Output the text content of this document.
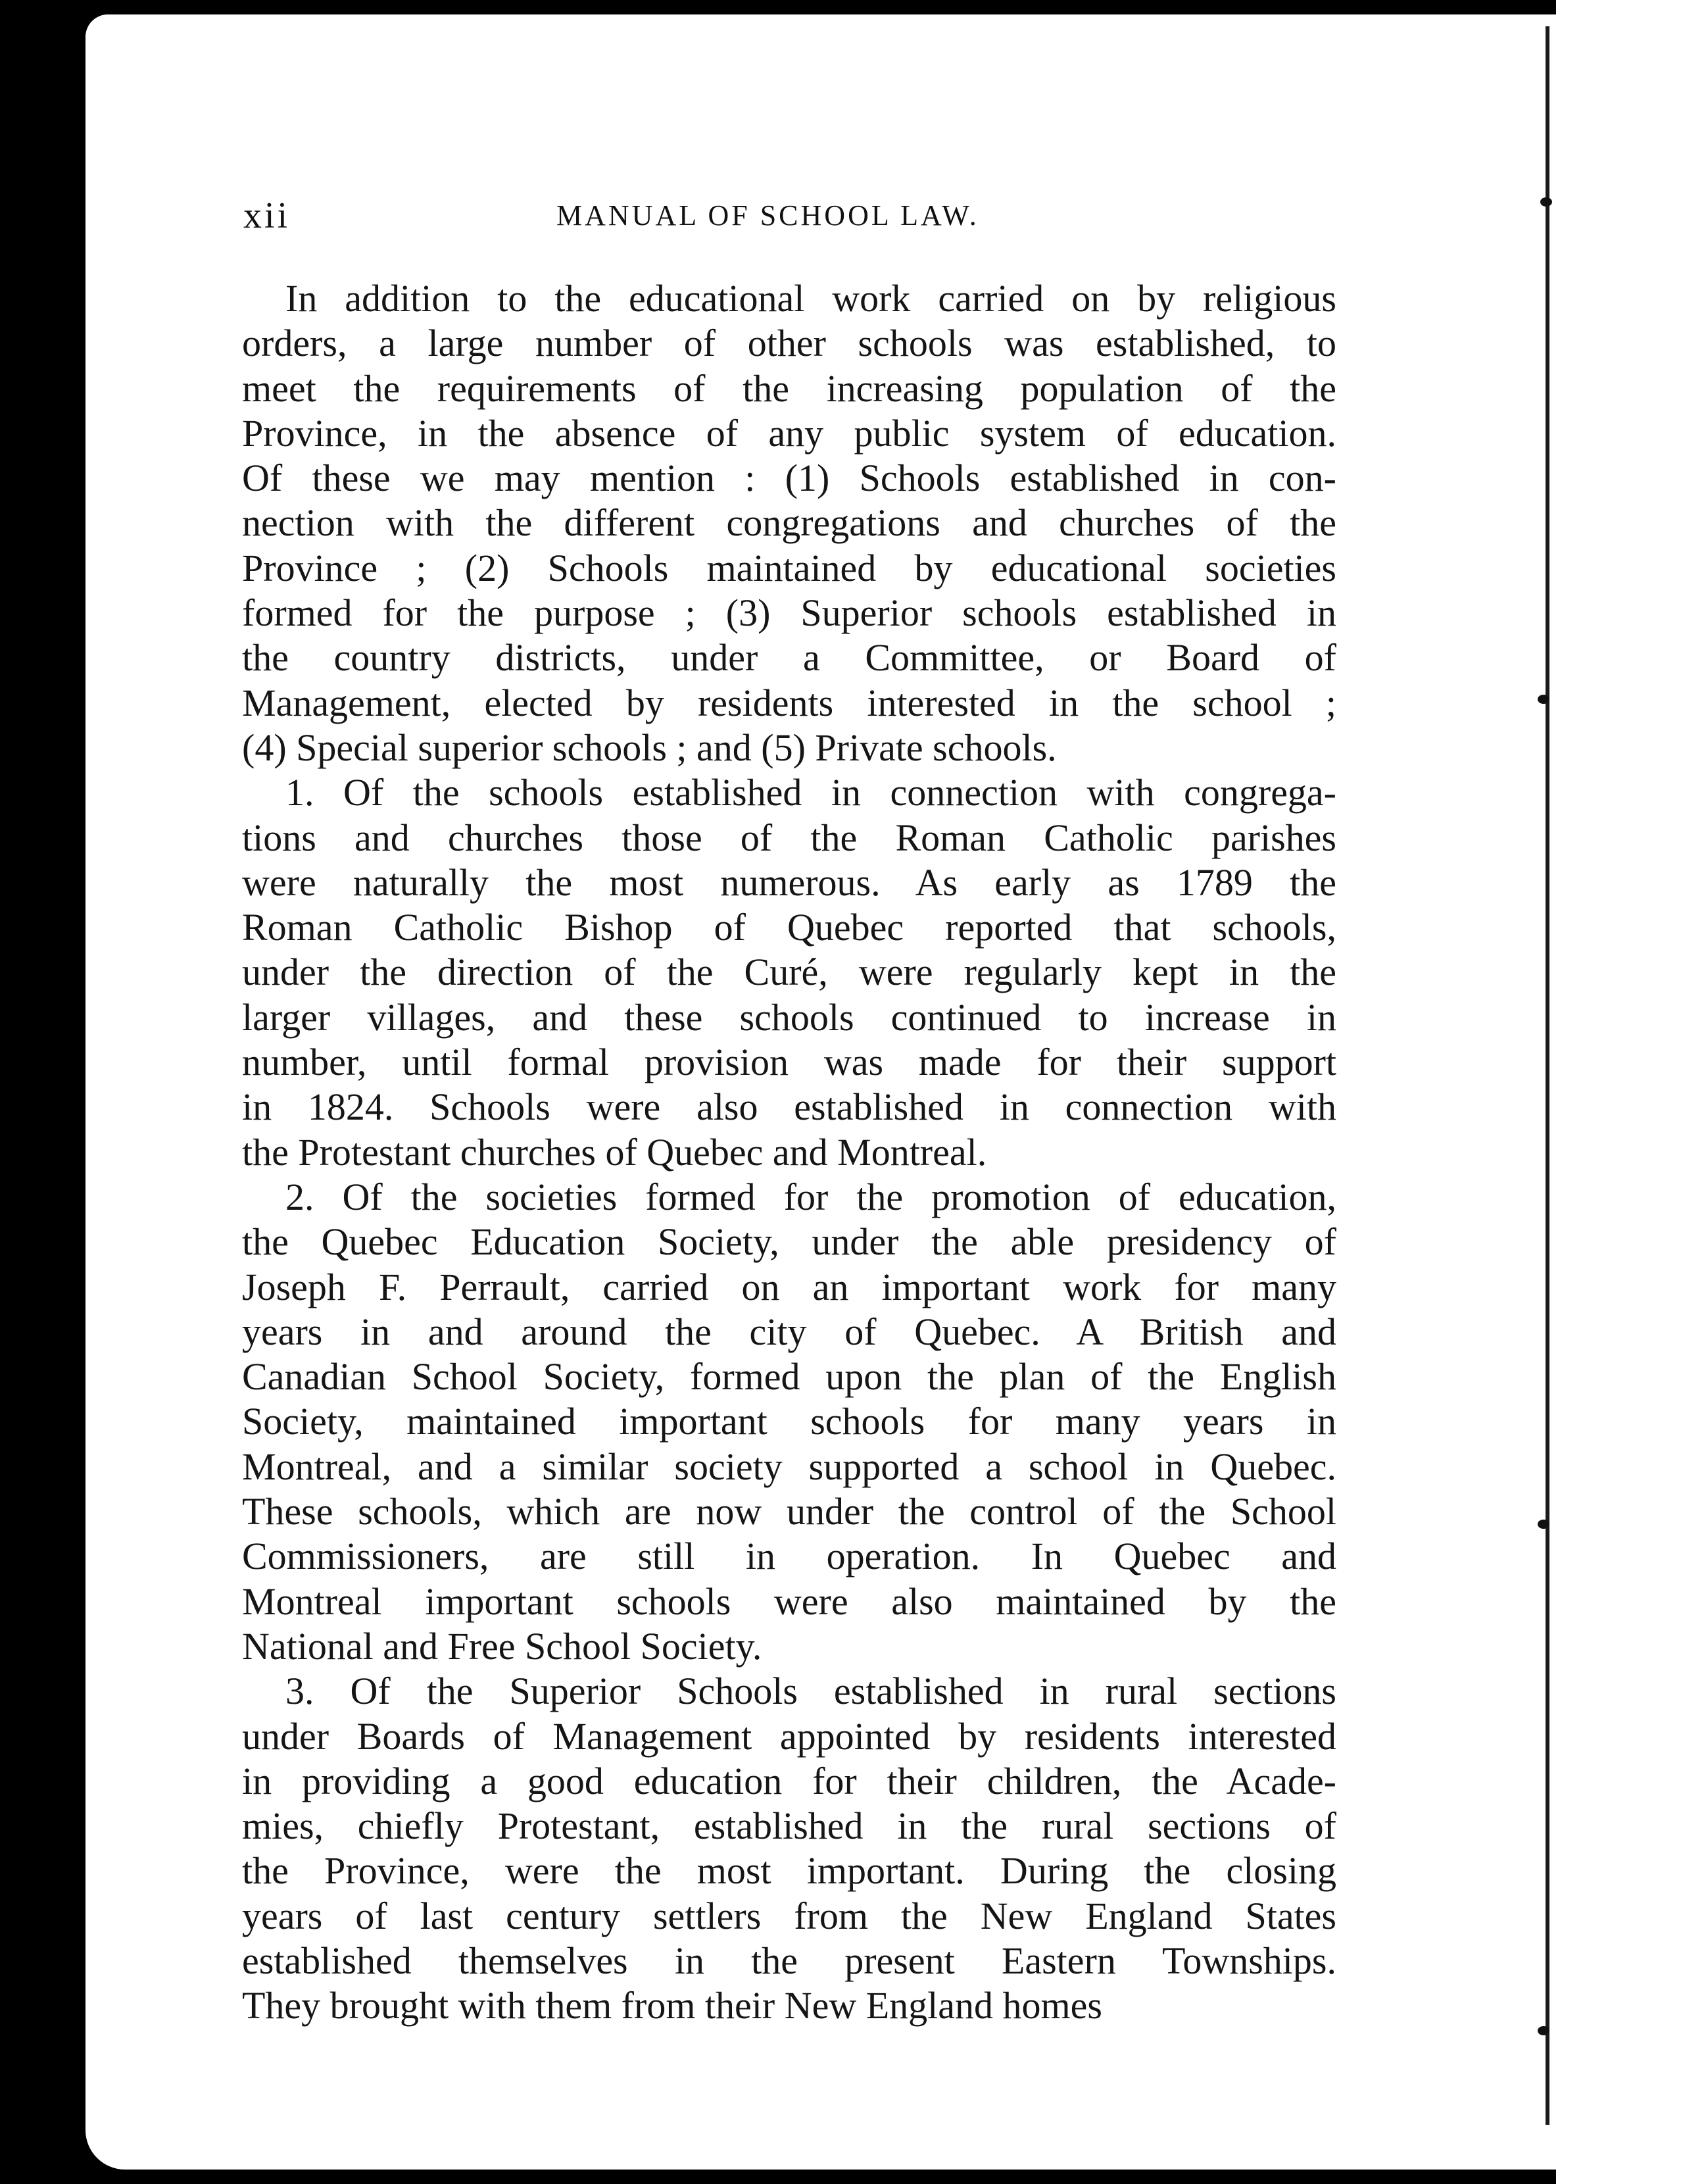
xii	MANUAL OF SCHOOL LAW.
In addition to the educational work carried on by religious
orders, a large number of other schools was established, to
meet the requirements of the increasing population of the
Province, in the absence of any public system of education.
Of these we may mention : (1) Schools established in con-
nection with the different congregations and churches of the
Province ; (2) Schools maintained by educational societies
formed for the purpose ; (3) Superior schools established in
the country districts, under a Committee, or Board of
Management, elected by residents interested in the school ;
(4) Special superior schools ; and (5) Private schools.
1. Of the schools established in connection with congrega-
tions and churches those of the Roman Catholic parishes
were naturally the most numerous. As early as 1789 the
Roman Catholic Bishop of Quebec reported that schools,
under the direction of the Curé, were regularly kept in the
larger villages, and these schools continued to increase in
number, until formal provision was made for their support
in 1824. Schools were also established in connection with
the Protestant churches of Quebec and Montreal.
2. Of the societies formed for the promotion of education,
the Quebec Education Society, under the able presidency of
Joseph F. Perrault, carried on an important work for many
years in and around the city of Quebec. A British and
Canadian School Society, formed upon the plan of the English
Society, maintained important schools for many years in
Montreal, and a similar society supported a school in Quebec.
These schools, which are now under the control of the School
Commissioners, are still in operation. In Quebec and
Montreal important schools were also maintained by the
National and Free School Society.
3. Of the Superior Schools established in rural sections
under Boards of Management appointed by residents interested
in providing a good education for their children, the Acade-
mies, chiefly Protestant, established in the rural sections of
the Province, were the most important. During the closing
years of last century settlers from the New England States
established themselves in the present Eastern Townships.
They brought with them from their New England homes
